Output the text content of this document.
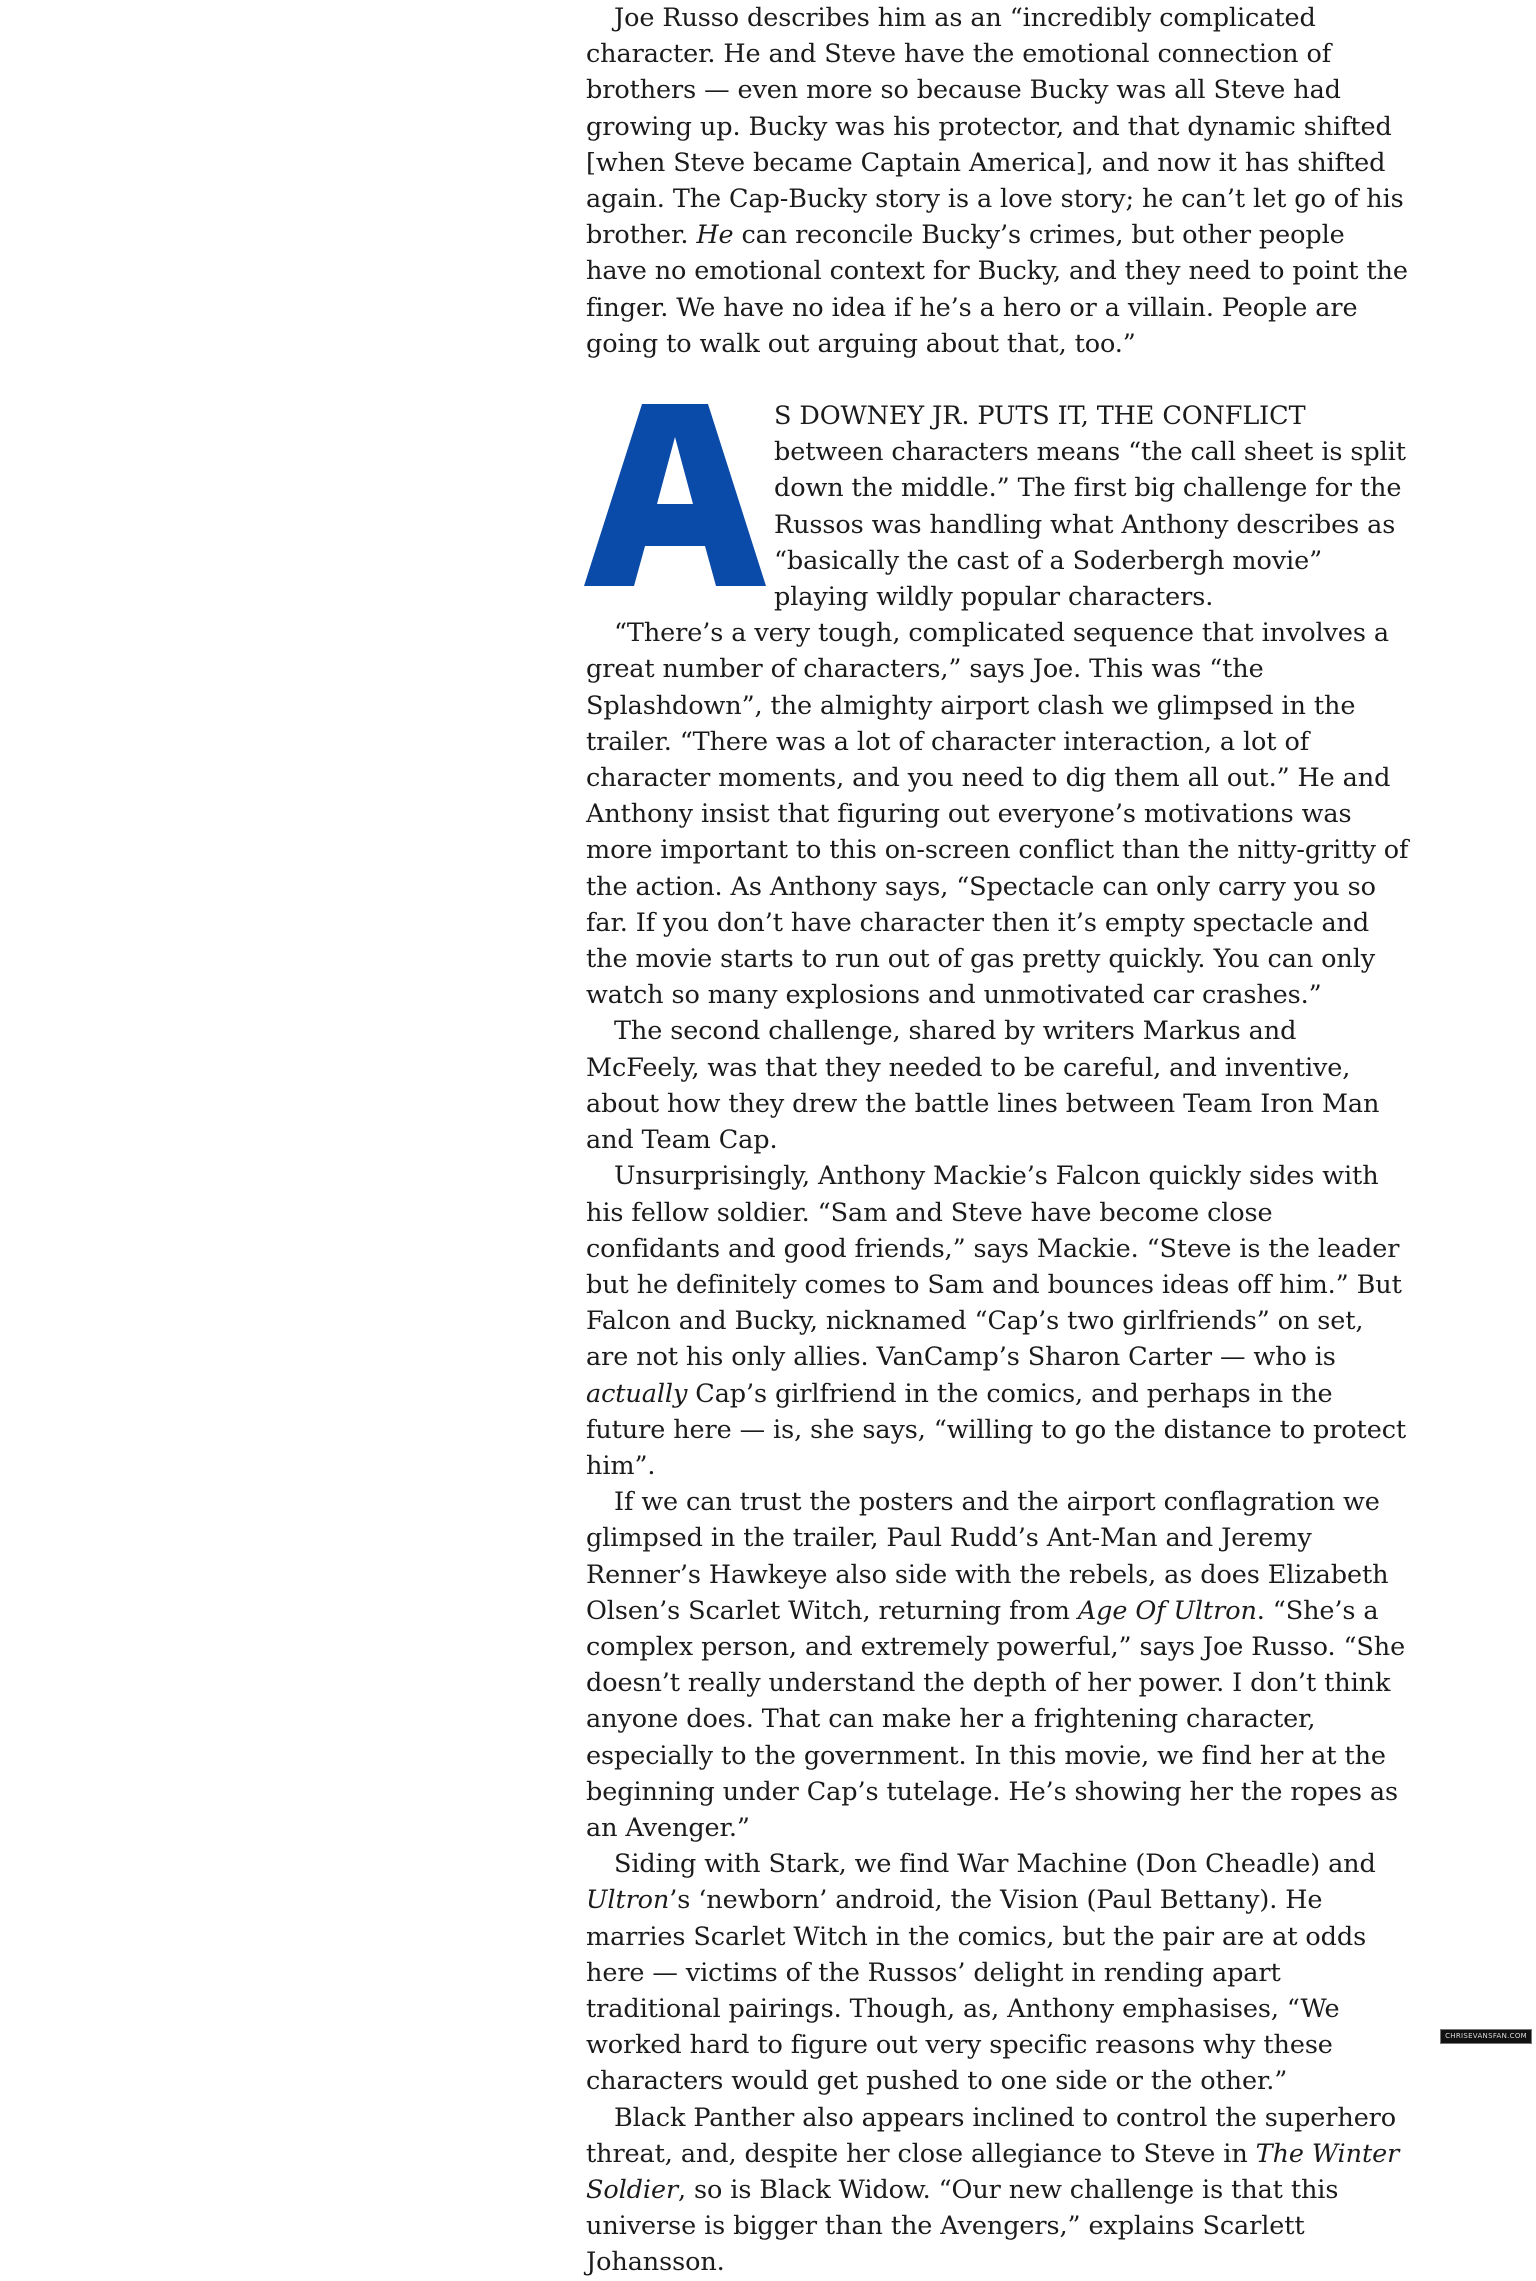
Joe Russo describes him as an “incredibly complicated character. He and Steve have the emotional connection of brothers — even more so because Bucky was all Steve had growing up. Bucky was his protector, and that dynamic shifted [when Steve became Captain America], and now it has shifted again. The Cap-Bucky story is a love story; he can’t let go of his brother. He can reconcile Bucky’s crimes, but other people have no emotional context for Bucky, and they need to point the finger. We have no idea if he’s a hero or a villain. People are going to walk out arguing about that, too.”

S DOWNEY JR. PUTS IT, THE CONFLICT between characters means “the call sheet is split down the middle.” The first big challenge for the Russos was handling what Anthony describes as “basically the cast of a Soderbergh movie” playing wildly popular characters.

“There’s a very tough, complicated sequence that involves a great number of characters,” says Joe. This was “the Splashdown”, the almighty airport clash we glimpsed in the trailer. “There was a lot of character interaction, a lot of character moments, and you need to dig them all out.” He and Anthony insist that figuring out everyone’s motivations was more important to this on-screen conflict than the nitty-gritty of the action. As Anthony says, “Spectacle can only carry you so far. If you don’t have character then it’s empty spectacle and the movie starts to run out of gas pretty quickly. You can only watch so many explosions and unmotivated car crashes.”

The second challenge, shared by writers Markus and McFeely, was that they needed to be careful, and inventive, about how they drew the battle lines between Team Iron Man and Team Cap.

Unsurprisingly, Anthony Mackie’s Falcon quickly sides with his fellow soldier. “Sam and Steve have become close confidants and good friends,” says Mackie. “Steve is the leader but he definitely comes to Sam and bounces ideas off him.” But Falcon and Bucky, nicknamed “Cap’s two girlfriends” on set, are not his only allies. VanCamp’s Sharon Carter — who is actually Cap’s girlfriend in the comics, and perhaps in the future here — is, she says, “willing to go the distance to protect him”.

If we can trust the posters and the airport conflagration we glimpsed in the trailer, Paul Rudd’s Ant-Man and Jeremy Renner’s Hawkeye also side with the rebels, as does Elizabeth Olsen’s Scarlet Witch, returning from Age Of Ultron. “She’s a complex person, and extremely powerful,” says Joe Russo. “She doesn’t really understand the depth of her power. I don’t think anyone does. That can make her a frightening character, especially to the government. In this movie, we find her at the beginning under Cap’s tutelage. He’s showing her the ropes as an Avenger.”

Siding with Stark, we find War Machine (Don Cheadle) and Ultron’s ‘newborn’ android, the Vision (Paul Bettany). He marries Scarlet Witch in the comics, but the pair are at odds here — victims of the Russos’ delight in rending apart traditional pairings. Though, as, Anthony emphasises, “We worked hard to figure out very specific reasons why these characters would get pushed to one side or the other.”

Black Panther also appears inclined to control the superhero threat, and, despite her close allegiance to Steve in The Winter Soldier, so is Black Widow. “Our new challenge is that this universe is bigger than the Avengers,” explains Scarlett Johansson.

CHRISEVANSFAN.COM
